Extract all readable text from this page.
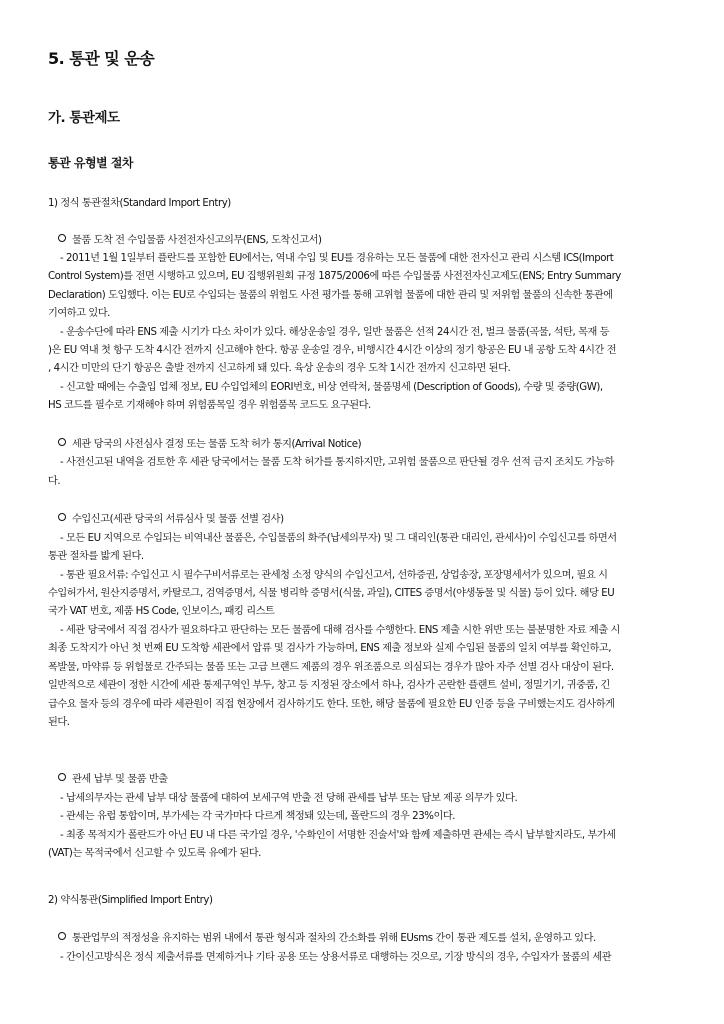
5. 통관 및 운송
가. 통관제도
통관 유형별 절차
1) 정식 통관절차(Standard Import Entry)
물품 도착 전 수입물품 사전전자신고의무(ENS, 도착신고서)
- 2011년 1월 1일부터 플란드를 포함한 EU에서는, 역내 수입 및 EU를 경유하는 모든 물품에 대한 전자신고 관리 시스템 ICS(Import
Control System)를 전면 시행하고 있으며, EU 집행위원회 규정 1875/2006에 따른 수입물품 사전전자신고제도(ENS; Entry Summary
Declaration) 도입했다. 이는 EU로 수입되는 물품의 위험도 사전 평가를 통해 고위험 물품에 대한 관리 및 저위험 물품의 신속한 통관에
기여하고 있다.
- 운송수단에 따라 ENS 제출 시기가 다소 차이가 있다. 해상운송일 경우, 일반 물품은 선적 24시간 전, 벌크 물품(곡물, 석탄, 목재 등
)은 EU 역내 첫 항구 도착 4시간 전까지 신고해야 한다. 항공 운송일 경우, 비행시간 4시간 이상의 정기 항공은 EU 내 공항 도착 4시간 전
, 4시간 미만의 단기 항공은 출발 전까지 신고하게 돼 있다. 육상 운송의 경우 도착 1시간 전까지 신고하면 된다.
- 신고할 때에는 수출입 업체 정보, EU 수입업체의 EORI번호, 비상 연락처, 물품명세 (Description of Goods), 수량 및 중량(GW),
HS 코드를 필수로 기재해야 하며 위험품목일 경우 위험품목 코드도 요구된다.
세관 당국의 사전심사 결정 또는 물품 도착 허가 통지(Arrival Notice)
- 사전신고된 내역을 검토한 후 세관 당국에서는 물품 도착 허가를 통지하지만, 고위험 물품으로 판단될 경우 선적 금지 조치도 가능하
다.
수입신고(세관 당국의 서류심사 및 물품 선별 검사)
- 모든 EU 지역으로 수입되는 비역내산 물품은, 수입물품의 화주(납세의무자) 및 그 대리인(통관 대리인, 관세사)이 수입신고를 하면서
통관 절차를 밟게 된다.
- 통관 필요서류: 수입신고 시 필수구비서류로는 관세청 소정 양식의 수입신고서, 선하증권, 상업송장, 포장명세서가 있으며, 필요 시
수입허가서, 원산지증명서, 카탈로그, 검역증명서, 식물 병리학 증명서(식물, 과일), CITES 증명서(야생동물 및 식물) 등이 있다. 해당 EU
국가 VAT 번호, 제품 HS Code, 인보이스, 패킹 리스트
- 세관 당국에서 직접 검사가 필요하다고 판단하는 모든 물품에 대해 검사를 수행한다. ENS 제출 시한 위반 또는 불분명한 자료 제출 시
최종 도착지가 아닌 첫 번째 EU 도착항 세관에서 압류 및 검사가 가능하며, ENS 제출 정보와 실제 수입된 물품의 일치 여부를 확인하고,
폭발물, 마약류 등 위험물로 간주되는 물품 또는 고급 브랜드 제품의 경우 위조품으로 의심되는 경우가 많아 자주 선별 검사 대상이 된다.
일반적으로 세관이 정한 시간에 세관 통제구역인 부두, 창고 등 지정된 장소에서 하나, 검사가 곤란한 플랜트 설비, 정밀기기, 귀중품, 긴
급수요 물자 등의 경우에 따라 세관원이 직접 현장에서 검사하기도 한다. 또한, 해당 물품에 필요한 EU 인증 등을 구비했는지도 검사하게
된다.
관세 납부 및 물품 반출
- 납세의무자는 관세 납부 대상 물품에 대하여 보세구역 반출 전 당해 관세를 납부 또는 담보 제공 의무가 있다.
- 관세는 유럽 통합이며, 부가세는 각 국가마다 다르게 책정돼 있는데, 폴란드의 경우 23%이다.
- 최종 목적지가 폴란드가 아닌 EU 내 다른 국가일 경우, '수화인이 서명한 진술서'와 함께 제출하면 관세는 즉시 납부할지라도, 부가세
(VAT)는 목적국에서 신고할 수 있도록 유예가 된다.
2) 약식통관(Simplified Import Entry)
통관업무의 적정성을 유지하는 범위 내에서 통관 형식과 절차의 간소화를 위해 EUsms 간이 통관 제도를 설치, 운영하고 있다.
- 간이신고방식은 정식 제출서류를 면제하거나 기타 공용 또는 상용서류로 대행하는 것으로, 기장 방식의 경우, 수입자가 물품의 세관
